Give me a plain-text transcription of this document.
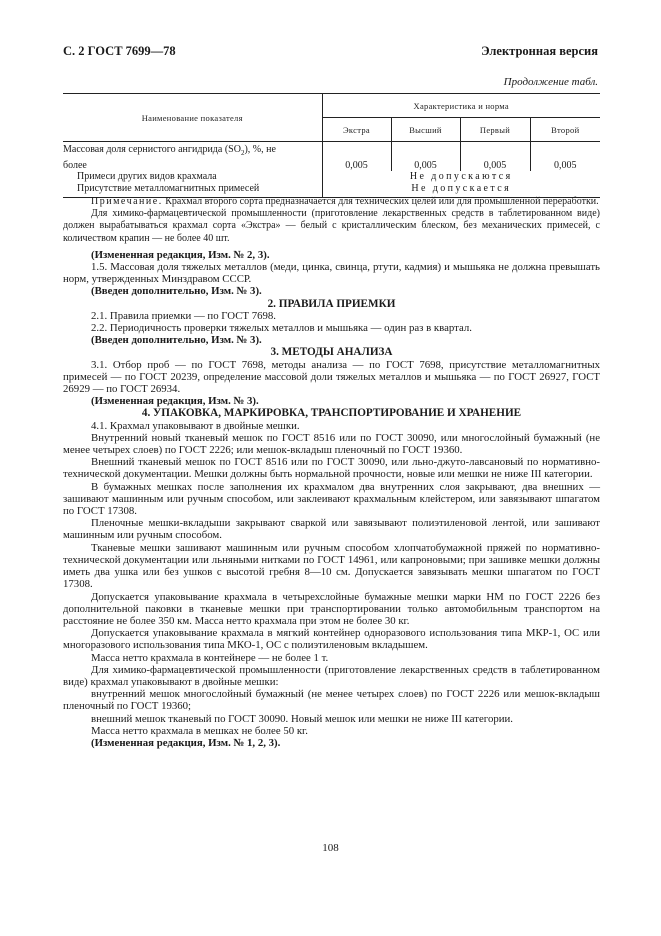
С. 2 ГОСТ 7699—78	Электронная версия
Продолжение табл.
Наименование показателя	Характеристика и норма			
	Экстра	Высший	Первый	Второй
Массовая доля сернистого ангидрида $(SO_2)$, %, не
более	0,005	0,005	0,005	0,005
Примеси других видов крахмала	Не допускаются			
Присутствие металломагнитных примесей	Не допускается			

Примечание. Крахмал второго сорта предназначается для технических целей или для промышленной переработки.

Для химико-фармацевтической промышленности (приготовление лекарственных средств в таблетированном виде) должен вырабатываться крахмал сорта «Экстра» — белый с кристаллическим блеском, без механических примесей, с количеством крапин — не более 40 шт.

(Измененная редакция, Изм. № 2, 3).

1.5. Массовая доля тяжелых металлов (меди, цинка, свинца, ртути, кадмия) и мышьяка не должна превышать норм, утвержденных Минздравом СССР.

(Введен дополнительно, Изм. № 3).

2. ПРАВИЛА ПРИЕМКИ

2.1. Правила приемки — по ГОСТ 7698.

2.2. Периодичность проверки тяжелых металлов и мышьяка — один раз в квартал.

(Введен дополнительно, Изм. № 3).

3. МЕТОДЫ АНАЛИЗА

3.1. Отбор проб — по ГОСТ 7698, методы анализа — по ГОСТ 7698, присутствие металломагнитных примесей — по ГОСТ 20239, определение массовой доли тяжелых металлов и мышьяка — по ГОСТ 26927, ГОСТ 26929 — по ГОСТ 26934.

(Измененная редакция, Изм. № 3).

4. УПАКОВКА, МАРКИРОВКА, ТРАНСПОРТИРОВАНИЕ И ХРАНЕНИЕ

4.1. Крахмал упаковывают в двойные мешки.

Внутренний новый тканевый мешок по ГОСТ 8516 или по ГОСТ 30090, или многослойный бумажный (не менее четырех слоев) по ГОСТ 2226; или мешок-вкладыш пленочный по ГОСТ 19360.

Внешний тканевый мешок по ГОСТ 8516 или по ГОСТ 30090, или льно-джуто-лавсановый по нормативно-технической документации. Мешки должны быть нормальной прочности, новые или мешки не ниже III категории.

В бумажных мешках после заполнения их крахмалом два внутренних слоя закрывают, два внешних — зашивают машинным или ручным способом, или заклеивают крахмальным клейстером, или завязывают шпагатом по ГОСТ 17308.

Пленочные мешки-вкладыши закрывают сваркой или завязывают полиэтиленовой лентой, или зашивают машинным или ручным способом.

Тканевые мешки зашивают машинным или ручным способом хлопчатобумажной пряжей по нормативно-технической документации или льняными нитками по ГОСТ 14961, или капроновыми; при зашивке мешки должны иметь два ушка или без ушков с высотой гребня 8—10 см. Допускается завязывать мешки шпагатом по ГОСТ 17308.

Допускается упаковывание крахмала в четырехслойные бумажные мешки марки НМ по ГОСТ 2226 без дополнительной паковки в тканевые мешки при транспортировании только автомобильным транспортом на расстояние не более 350 км. Масса нетто крахмала при этом не более 30 кг.

Допускается упаковывание крахмала в мягкий контейнер одноразового использования типа МКР-1, ОС или многоразового использования типа МКО-1, ОС с полиэтиленовым вкладышем.

Масса нетто крахмала в контейнере — не более 1 т.

Для химико-фармацевтической промышленности (приготовление лекарственных средств в таблетированном виде) крахмал упаковывают в двойные мешки:

внутренний мешок многослойный бумажный (не менее четырех слоев) по ГОСТ 2226 или мешок-вкладыш пленочный по ГОСТ 19360;

внешний мешок тканевый по ГОСТ 30090. Новый мешок или мешки не ниже III категории.

Масса нетто крахмала в мешках не более 50 кг.

(Измененная редакция, Изм. № 1, 2, 3).

108
